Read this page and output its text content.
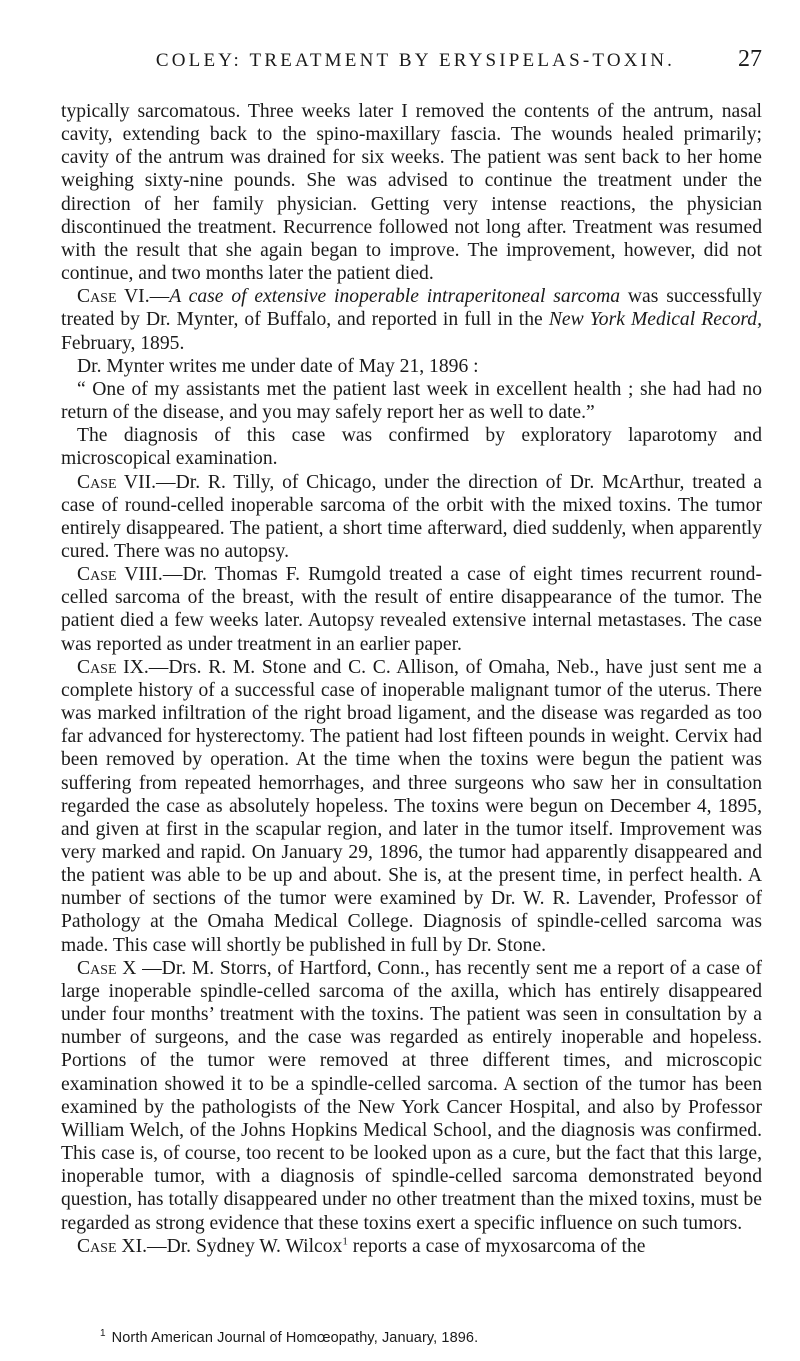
COLEY: TREATMENT BY ERYSIPELAS-TOXIN.	27

typically sarcomatous. Three weeks later I removed the contents of the antrum, nasal cavity, extending back to the spino-maxillary fascia. The wounds healed primarily; cavity of the antrum was drained for six weeks. The patient was sent back to her home weighing sixty-nine pounds. She was advised to continue the treatment under the direction of her family physician. Getting very intense reactions, the physician discontinued the treatment. Recurrence followed not long after. Treatment was resumed with the result that she again began to improve. The improvement, however, did not continue, and two months later the patient died.

Case VI.—A case of extensive inoperable intraperitoneal sarcoma was successfully treated by Dr. Mynter, of Buffalo, and reported in full in the New York Medical Record, February, 1895.

Dr. Mynter writes me under date of May 21, 1896 :

“ One of my assistants met the patient last week in excellent health ; she had had no return of the disease, and you may safely report her as well to date.”

The diagnosis of this case was confirmed by exploratory laparotomy and microscopical examination.

Case VII.—Dr. R. Tilly, of Chicago, under the direction of Dr. McArthur, treated a case of round-celled inoperable sarcoma of the orbit with the mixed toxins. The tumor entirely disappeared. The patient, a short time afterward, died suddenly, when apparently cured. There was no autopsy.

Case VIII.—Dr. Thomas F. Rumgold treated a case of eight times recurrent round-celled sarcoma of the breast, with the result of entire disappearance of the tumor. The patient died a few weeks later. Autopsy revealed extensive internal metastases. The case was reported as under treatment in an earlier paper.

Case IX.—Drs. R. M. Stone and C. C. Allison, of Omaha, Neb., have just sent me a complete history of a successful case of inoperable malignant tumor of the uterus. There was marked infiltration of the right broad ligament, and the disease was regarded as too far advanced for hysterectomy. The patient had lost fifteen pounds in weight. Cervix had been removed by operation. At the time when the toxins were begun the patient was suffering from repeated hemorrhages, and three surgeons who saw her in consultation regarded the case as absolutely hopeless. The toxins were begun on December 4, 1895, and given at first in the scapular region, and later in the tumor itself. Improvement was very marked and rapid. On January 29, 1896, the tumor had apparently disappeared and the patient was able to be up and about. She is, at the present time, in perfect health. A number of sections of the tumor were examined by Dr. W. R. Lavender, Professor of Pathology at the Omaha Medical College. Diagnosis of spindle-celled sarcoma was made. This case will shortly be published in full by Dr. Stone.

Case X —Dr. M. Storrs, of Hartford, Conn., has recently sent me a report of a case of large inoperable spindle-celled sarcoma of the axilla, which has entirely disappeared under four months’ treatment with the toxins. The patient was seen in consultation by a number of surgeons, and the case was regarded as entirely inoperable and hopeless. Portions of the tumor were removed at three different times, and microscopic examination showed it to be a spindle-celled sarcoma. A section of the tumor has been examined by the pathologists of the New York Cancer Hospital, and also by Professor William Welch, of the Johns Hopkins Medical School, and the diagnosis was confirmed. This case is, of course, too recent to be looked upon as a cure, but the fact that this large, inoperable tumor, with a diagnosis of spindle-celled sarcoma demonstrated beyond question, has totally disappeared under no other treatment than the mixed toxins, must be regarded as strong evidence that these toxins exert a specific influence on such tumors.

Case XI.—Dr. Sydney W. Wilcox$^1$ reports a case of myxosarcoma of the

$^1$ North American Journal of Homœopathy, January, 1896.
